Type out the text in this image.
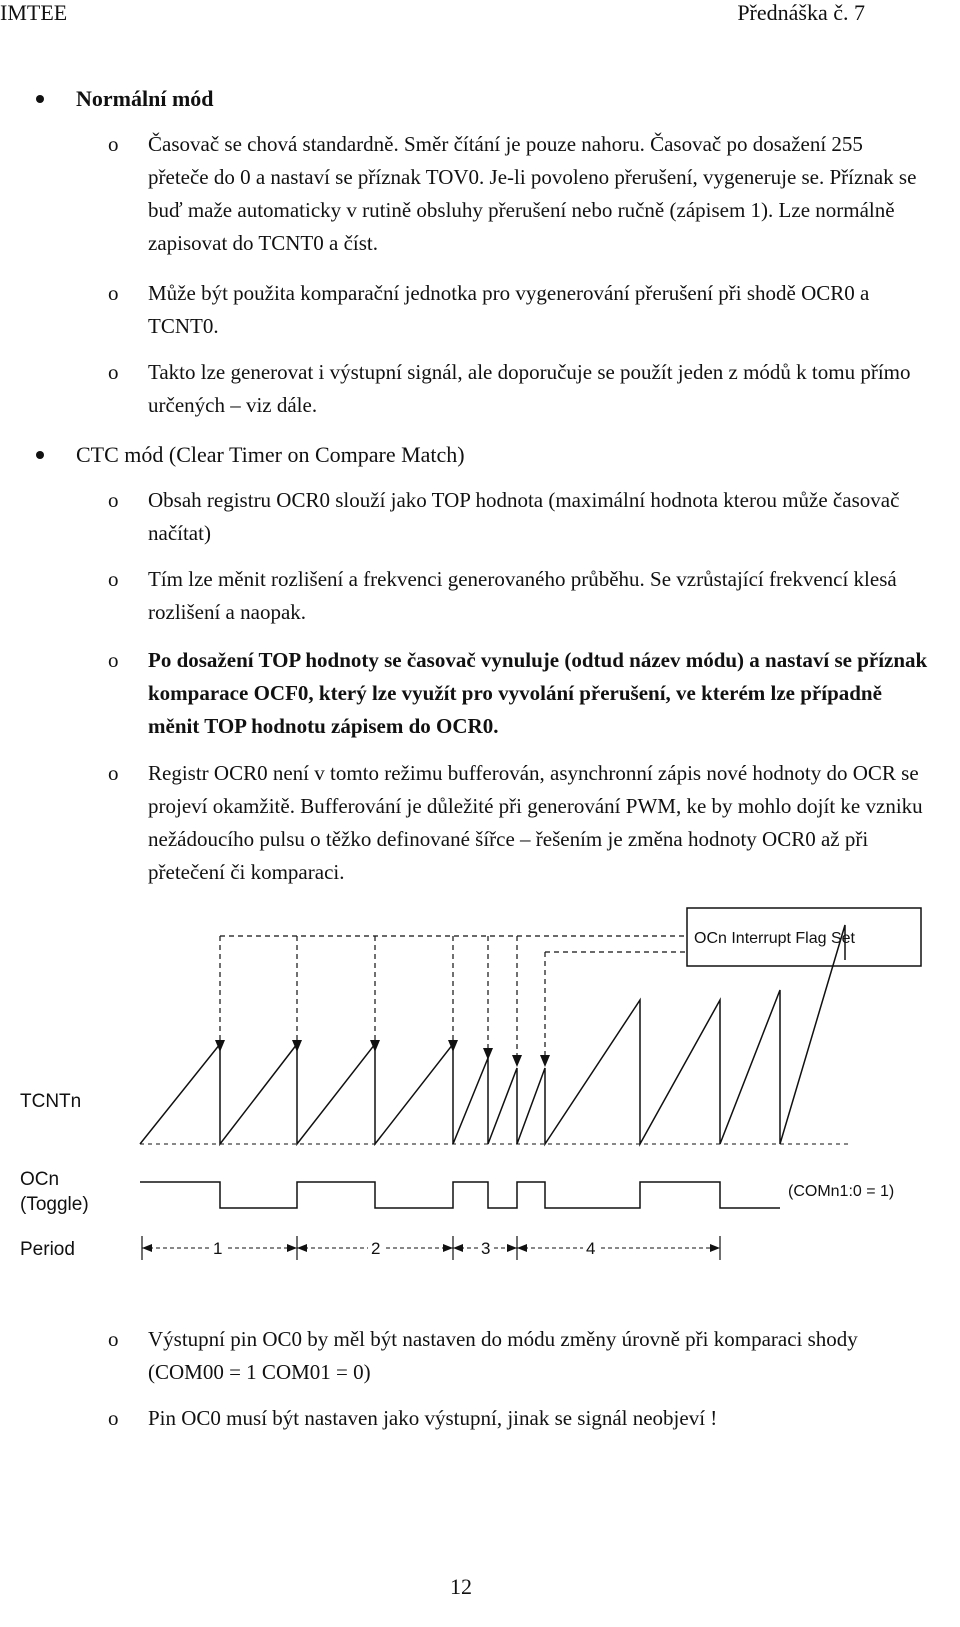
IMTEE	Přednáška č. 7
Normální mód
o Časovač se chová standardně. Směr čítání je pouze nahoru. Časovač po dosažení 255 přeteče do 0 a nastaví se příznak TOV0. Je-li povoleno přerušení, vygeneruje se. Příznak se buď maže automaticky v rutině obsluhy přerušení nebo ručně (zápisem 1). Lze normálně zapisovat do TCNT0 a číst.
o Může být použita komparační jednotka pro vygenerování přerušení při shodě OCR0 a TCNT0.
o Takto lze generovat i výstupní signál, ale doporučuje se použít jeden z módů k tomu přímo určených – viz dále.
CTC mód (Clear Timer on Compare Match)
o Obsah registru OCR0 slouží jako TOP hodnota (maximální hodnota kterou může časovač načítat)
o Tím lze měnit rozlišení a frekvenci generovaného průběhu. Se vzrůstající frekvencí klesá rozlišení a naopak.
o Po dosažení TOP hodnoty se časovač vynuluje (odtud název módu) a nastaví se příznak komparace OCF0, který lze využít pro vyvolání přerušení, ve kterém lze případně měnit TOP hodnotu zápisem do OCR0.
o Registr OCR0 není v tomto režimu bufferován, asynchronní zápis nové hodnoty do OCR se projeví okamžitě. Bufferování je důležité při generování PWM, ke by mohlo dojít ke vzniku nežádoucího pulsu o těžko definované šířce – řešením je změna hodnoty OCR0 až při přetečení či komparaci.
OCn Interrupt Flag Set
TCNTn
OCn
(Toggle)
(COMn1:0 = 1)
Period	1	2	3	4
o Výstupní pin OC0 by měl být nastaven do módu změny úrovně při komparaci shody (COM00 = 1 COM01 = 0)
o Pin OC0 musí být nastaven jako výstupní, jinak se signál neobjeví !
12
